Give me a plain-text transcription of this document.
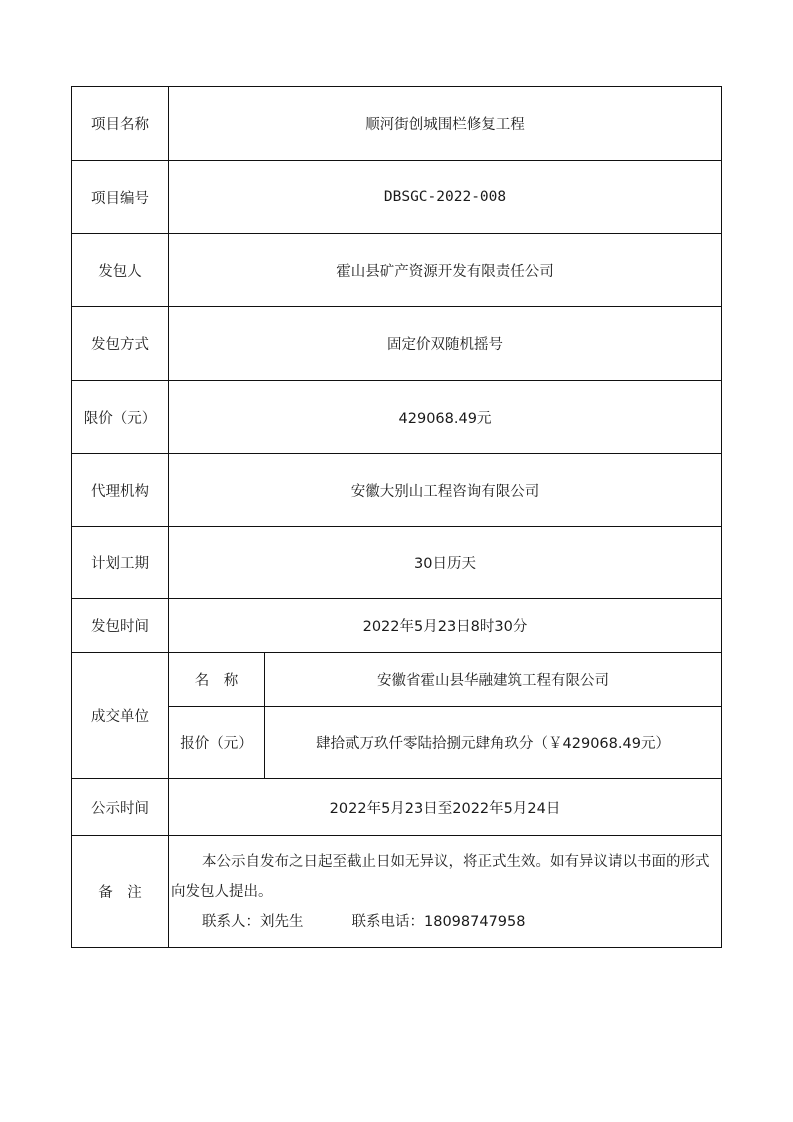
项目名称	顺河街创城围栏修复工程	
项目编号	DBSGC-2022-008	
发包人	霍山县矿产资源开发有限责任公司	
发包方式	固定价双随机摇号	
限价（元）	429068.49元	
代理机构	安徽大别山工程咨询有限公司	
计划工期	30日历天	
发包时间	2022年5月23日8时30分	
成交单位	名　称	安徽省霍山县华融建筑工程有限公司
	报价（元）	肆拾贰万玖仟零陆拾捌元肆角玖分（￥429068.49元）
公示时间	2022年5月23日至2022年5月24日	
备　注	本公示自发布之日起至截止日如无异议，将正式生效。如有异议请以书面的形式向发包人提出。

联系人：刘先生 联系电话：18098747958	
